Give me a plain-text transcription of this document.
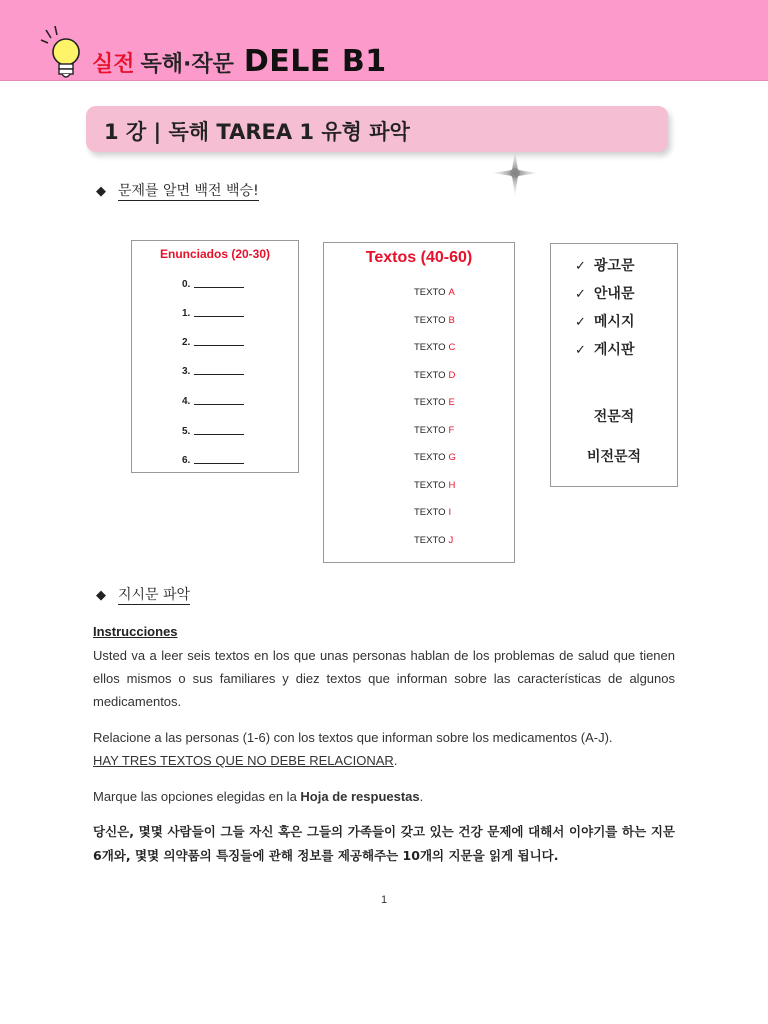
실전 독해·작문 DELE B1
1 강 | 독해 TAREA 1 유형 파악
◆ 문제를 알면 백전 백승!
Enunciados (20-30)
0.
1.
2.
3.
4.
5.
6.
Textos (40-60)
TEXTO A
TEXTO B
TEXTO C
TEXTO D
TEXTO E
TEXTO F
TEXTO G
TEXTO H
TEXTO I
TEXTO J
✓ 광고문
✓ 안내문
✓ 메시지
✓ 게시판
전문적
비전문적
◆ 지시문 파악
Instrucciones
Usted va a leer seis textos en los que unas personas hablan de los problemas de salud que tienen ellos mismos o sus familiares y diez textos que informan sobre las características de algunos medicamentos.
Relacione a las personas (1-6) con los textos que informan sobre los medicamentos (A-J).
HAY TRES TEXTOS QUE NO DEBE RELACIONAR.
Marque las opciones elegidas en la Hoja de respuestas.
당신은, 몇몇 사람들이 그들 자신 혹은 그들의 가족들이 갖고 있는 건강 문제에 대해서 이야기를 하는 지문 6개와, 몇몇 의약품의 특징들에 관해 정보를 제공해주는 10개의 지문을 읽게 됩니다.
1
